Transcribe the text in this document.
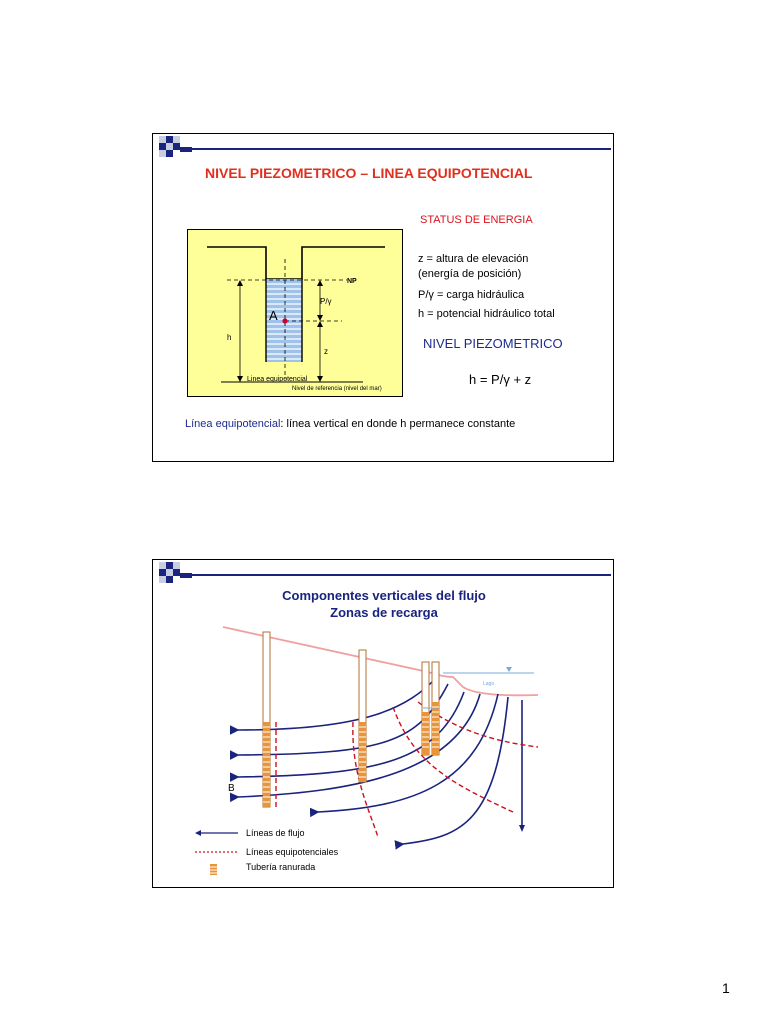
NIVEL PIEZOMETRICO – LINEA EQUIPOTENCIAL
STATUS DE ENERGIA
z = altura de elevación
(energía de posición)
P/γ = carga hidráulica
h = potencial hidráulico total
NIVEL PIEZOMETRICO
h = P/γ + z
Línea equipotencial: línea vertical en donde h permanece constante
NP
P/γ
A
h
z
Linea equipotencial
Nivel de referencia (nivel del mar)
Componentes verticales del flujo
Zonas de recarga
Lago
B
Líneas de flujo
Líneas equipotenciales
Tubería ranurada
1
